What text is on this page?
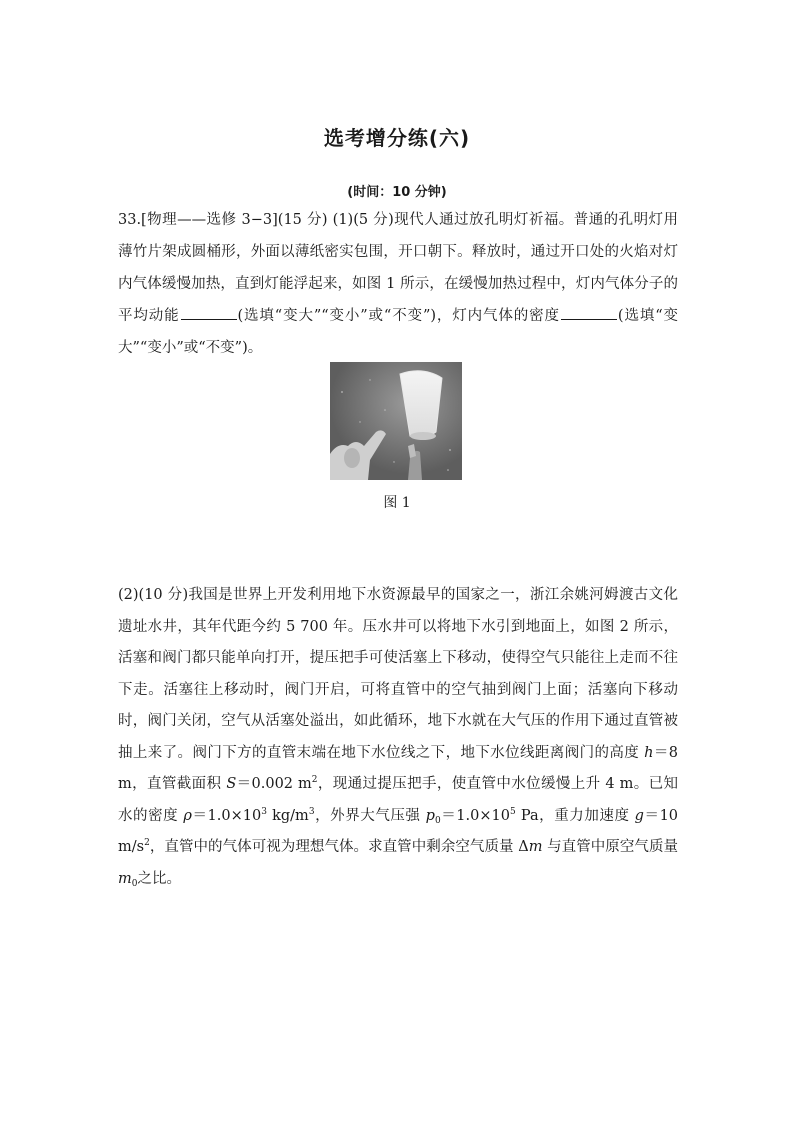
选考增分练(六)
(时间：10 分钟)
33.[物理——选修 3−3](15 分) (1)(5 分)现代人通过放孔明灯祈福。普通的孔明灯用薄竹片架成圆桶形，外面以薄纸密实包围，开口朝下。释放时，通过开口处的火焰对灯内气体缓慢加热，直到灯能浮起来，如图 1 所示，在缓慢加热过程中，灯内气体分子的平均动能	(选填“变大”“变小”或“不变”)，灯内气体的密度	(选填“变大”“变小”或“不变”)。
图 1
(2)(10 分)我国是世界上开发利用地下水资源最早的国家之一，浙江余姚河姆渡古文化遗址水井，其年代距今约 5 700 年。压水井可以将地下水引到地面上，如图 2 所示，活塞和阀门都只能单向打开，提压把手可使活塞上下移动，使得空气只能往上走而不往下走。活塞往上移动时，阀门开启，可将直管中的空气抽到阀门上面；活塞向下移动时，阀门关闭，空气从活塞处溢出，如此循环，地下水就在大气压的作用下通过直管被抽上来了。阀门下方的直管末端在地下水位线之下，地下水位线距离阀门的高度 h＝8 m，直管截面积 S＝0.002 $m^2$，现通过提压把手，使直管中水位缓慢上升 4 m。已知水的密度 $\rho=1.0\times 10^3$ $kg/m^3$，外界大气压强 $p_0=1.0\times 10^5$ Pa，重力加速度 g＝10 $m/s^2$，直管中的气体可视为理想气体。求直管中剩余空气质量 Δm 与直管中原空气质量 $m_0$之比。
